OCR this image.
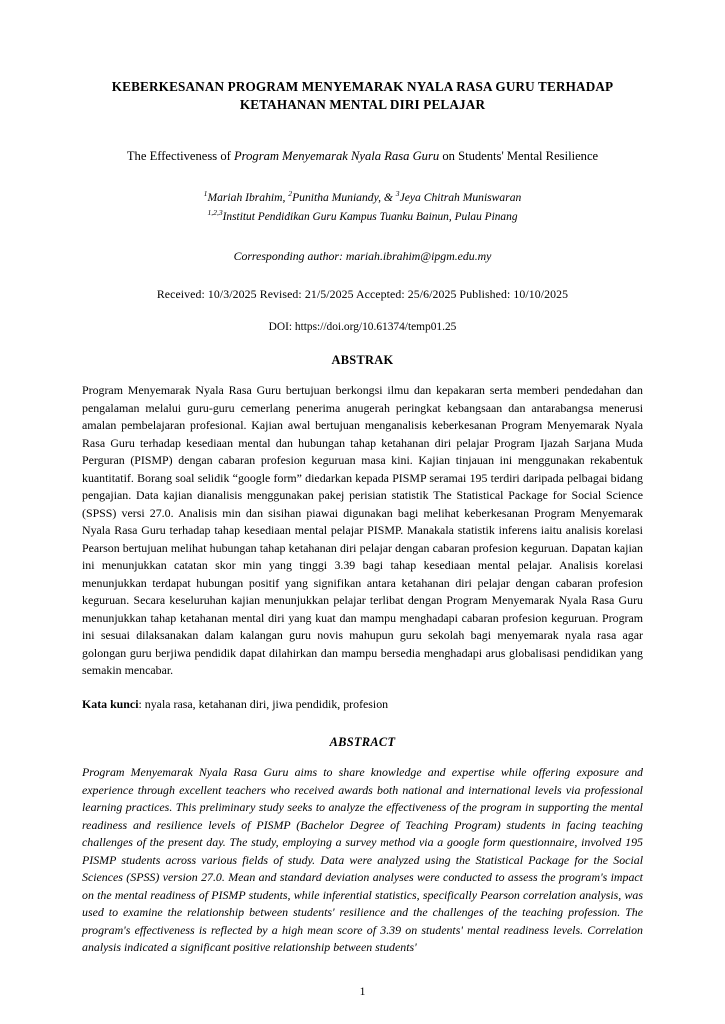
KEBERKESANAN PROGRAM MENYEMARAK NYALA RASA GURU TERHADAP KETAHANAN MENTAL DIRI PELAJAR
The Effectiveness of Program Menyemarak Nyala Rasa Guru on Students' Mental Resilience
$^1$Mariah Ibrahim, $^2$Punitha Muniandy, & $^3$Jeya Chitrah Muniswaran
$^{1,2,3}$Institut Pendidikan Guru Kampus Tuanku Bainun, Pulau Pinang
Corresponding author: mariah.ibrahim@ipgm.edu.my
Received: 10/3/2025 Revised: 21/5/2025 Accepted: 25/6/2025 Published: 10/10/2025
DOI: https://doi.org/10.61374/temp01.25
ABSTRAK
Program Menyemarak Nyala Rasa Guru bertujuan berkongsi ilmu dan kepakaran serta memberi pendedahan dan pengalaman melalui guru-guru cemerlang penerima anugerah peringkat kebangsaan dan antarabangsa menerusi amalan pembelajaran profesional. Kajian awal bertujuan menganalisis keberkesanan Program Menyemarak Nyala Rasa Guru terhadap kesediaan mental dan hubungan tahap ketahanan diri pelajar Program Ijazah Sarjana Muda Perguran (PISMP) dengan cabaran profesion keguruan masa kini. Kajian tinjauan ini menggunakan rekabentuk kuantitatif. Borang soal selidik “google form” diedarkan kepada PISMP seramai 195 terdiri daripada pelbagai bidang pengajian. Data kajian dianalisis menggunakan pakej perisian statistik The Statistical Package for Social Science (SPSS) versi 27.0. Analisis min dan sisihan piawai digunakan bagi melihat keberkesanan Program Menyemarak Nyala Rasa Guru terhadap tahap kesediaan mental pelajar PISMP. Manakala statistik inferens iaitu analisis korelasi Pearson bertujuan melihat hubungan tahap ketahanan diri pelajar dengan cabaran profesion keguruan. Dapatan kajian ini menunjukkan catatan skor min yang tinggi 3.39 bagi tahap kesediaan mental pelajar. Analisis korelasi menunjukkan terdapat hubungan positif yang signifikan antara ketahanan diri pelajar dengan cabaran profesion keguruan. Secara keseluruhan kajian menunjukkan pelajar terlibat dengan Program Menyemarak Nyala Rasa Guru menunjukkan tahap ketahanan mental diri yang kuat dan mampu menghadapi cabaran profesion keguruan. Program ini sesuai dilaksanakan dalam kalangan guru novis mahupun guru sekolah bagi menyemarak nyala rasa agar golongan guru berjiwa pendidik dapat dilahirkan dan mampu bersedia menghadapi arus globalisasi pendidikan yang semakin mencabar.
Kata kunci: nyala rasa, ketahanan diri, jiwa pendidik, profesion
ABSTRACT
Program Menyemarak Nyala Rasa Guru aims to share knowledge and expertise while offering exposure and experience through excellent teachers who received awards both national and international levels via professional learning practices. This preliminary study seeks to analyze the effectiveness of the program in supporting the mental readiness and resilience levels of PISMP (Bachelor Degree of Teaching Program) students in facing teaching challenges of the present day. The study, employing a survey method via a google form questionnaire, involved 195 PISMP students across various fields of study. Data were analyzed using the Statistical Package for the Social Sciences (SPSS) version 27.0. Mean and standard deviation analyses were conducted to assess the program's impact on the mental readiness of PISMP students, while inferential statistics, specifically Pearson correlation analysis, was used to examine the relationship between students' resilience and the challenges of the teaching profession. The program's effectiveness is reflected by a high mean score of 3.39 on students' mental readiness levels. Correlation analysis indicated a significant positive relationship between students'
1
